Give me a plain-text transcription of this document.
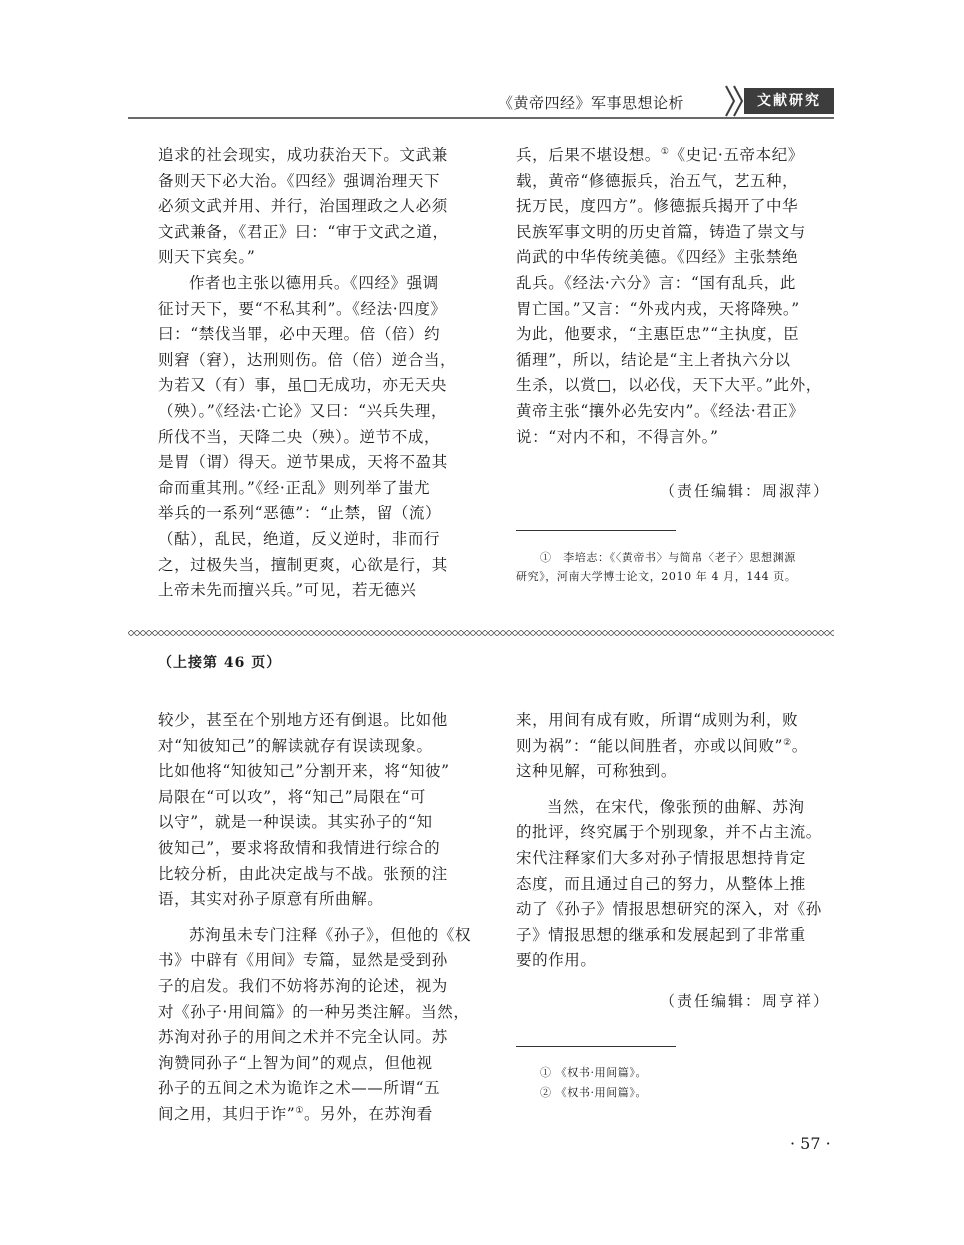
《黄帝四经》军事思想论析	文献研究

追求的社会现实，成功获治天下。文武兼

备则天下必大治。《四经》强调治理天下

必须文武并用、并行，治国理政之人必须

文武兼备，《君正》曰：“审于文武之道，

则天下宾矣。”

作者也主张以德用兵。《四经》强调

征讨天下，要“不私其利”。《经法·四度》

曰：“禁伐当罪，必中天理。倍（倍）约

则窘（窘），达刑则伤。倍（倍）逆合当，

为若又（有）事，虽□无成功，亦无天央

（殃）。”《经法·亡论》又曰：“兴兵失理，

所伐不当，天降二央（殃）。逆节不成，

是胃（谓）得天。逆节果成，天将不盈其

命而重其刑。”《经·正乱》则列举了蚩尤

举兵的一系列“恶德”：“止禁，留（流）

（酤），乱民，绝道，反义逆时，非而行

之，过极失当，擅制更爽，心欲是行，其

上帝未先而擅兴兵。”可见，若无德兴

兵，后果不堪设想。①《史记·五帝本纪》

载，黄帝“修德振兵，治五气，艺五种，

抚万民，度四方”。修德振兵揭开了中华

民族军事文明的历史首篇，铸造了崇文与

尚武的中华传统美德。《四经》主张禁绝

乱兵。《经法·六分》言：“国有乱兵，此

胃亡国。”又言：“外戎内戎，天将降殃。”

为此，他要求，“主惠臣忠”“主执度，臣

循理”，所以，结论是“主上者执六分以

生杀，以赏□，以必伐，天下大平。”此外，

黄帝主张“攘外必先安内”。《经法·君正》

说：“对内不和，不得言外。”

（责任编辑：周淑萍）
①　李培志：《〈黄帝书〉与简帛〈老子〉思想渊源
研究》，河南大学博士论文，2010 年 4 月，144 页。
（上接第 46 页）

较少，甚至在个别地方还有倒退。比如他

对“知彼知己”的解读就存有误读现象。

比如他将“知彼知己”分割开来，将“知彼”

局限在“可以攻”，将“知己”局限在“可

以守”，就是一种误读。其实孙子的“知

彼知己”，要求将敌情和我情进行综合的

比较分析，由此决定战与不战。张预的注

语，其实对孙子原意有所曲解。

苏洵虽未专门注释《孙子》，但他的《权

书》中辟有《用间》专篇，显然是受到孙

子的启发。我们不妨将苏洵的论述，视为

对《孙子·用间篇》的一种另类注解。当然，

苏洵对孙子的用间之术并不完全认同。苏

洵赞同孙子“上智为间”的观点，但他视

孙子的五间之术为诡诈之术——所谓“五

间之用，其归于诈”①。另外，在苏洵看

来，用间有成有败，所谓“成则为利，败

则为祸”：“能以间胜者，亦或以间败”②。

这种见解，可称独到。

当然，在宋代，像张预的曲解、苏洵

的批评，终究属于个别现象，并不占主流。

宋代注释家们大多对孙子情报思想持肯定

态度，而且通过自己的努力，从整体上推

动了《孙子》情报思想研究的深入，对《孙

子》情报思想的继承和发展起到了非常重

要的作用。

（责任编辑：周亨祥）
① 《权书·用间篇》。
② 《权书·用间篇》。
· 57 ·
